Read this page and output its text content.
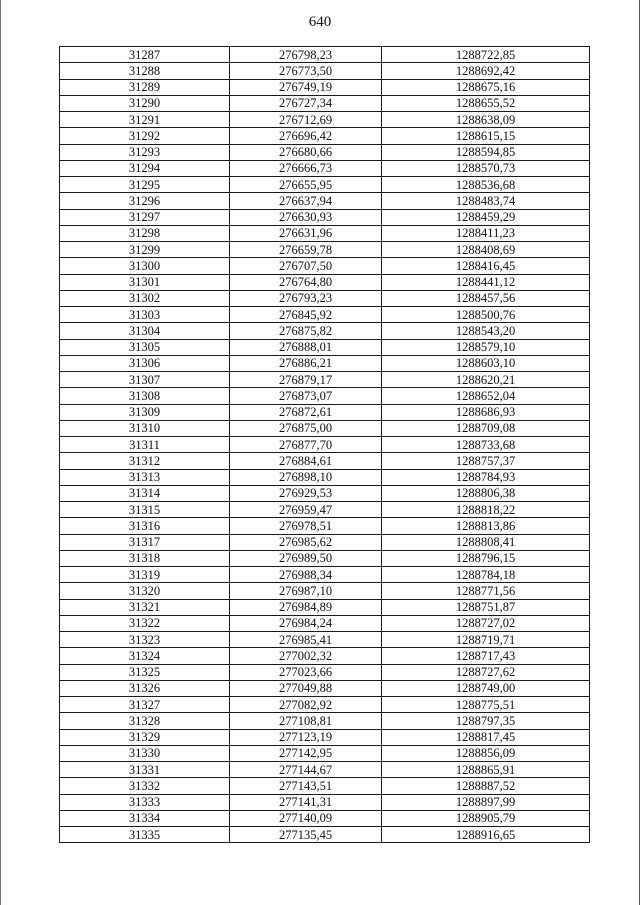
640
31287	276798,23	1288722,85
31288	276773,50	1288692,42
31289	276749,19	1288675,16
31290	276727,34	1288655,52
31291	276712,69	1288638,09
31292	276696,42	1288615,15
31293	276680,66	1288594,85
31294	276666,73	1288570,73
31295	276655,95	1288536,68
31296	276637,94	1288483,74
31297	276630,93	1288459,29
31298	276631,96	1288411,23
31299	276659,78	1288408,69
31300	276707,50	1288416,45
31301	276764,80	1288441,12
31302	276793,23	1288457,56
31303	276845,92	1288500,76
31304	276875,82	1288543,20
31305	276888,01	1288579,10
31306	276886,21	1288603,10
31307	276879,17	1288620,21
31308	276873,07	1288652,04
31309	276872,61	1288686,93
31310	276875,00	1288709,08
31311	276877,70	1288733,68
31312	276884,61	1288757,37
31313	276898,10	1288784,93
31314	276929,53	1288806,38
31315	276959,47	1288818,22
31316	276978,51	1288813,86
31317	276985,62	1288808,41
31318	276989,50	1288796,15
31319	276988,34	1288784,18
31320	276987,10	1288771,56
31321	276984,89	1288751,87
31322	276984,24	1288727,02
31323	276985,41	1288719,71
31324	277002,32	1288717,43
31325	277023,66	1288727,62
31326	277049,88	1288749,00
31327	277082,92	1288775,51
31328	277108,81	1288797,35
31329	277123,19	1288817,45
31330	277142,95	1288856,09
31331	277144,67	1288865,91
31332	277143,51	1288887,52
31333	277141,31	1288897,99
31334	277140,09	1288905,79
31335	277135,45	1288916,65
